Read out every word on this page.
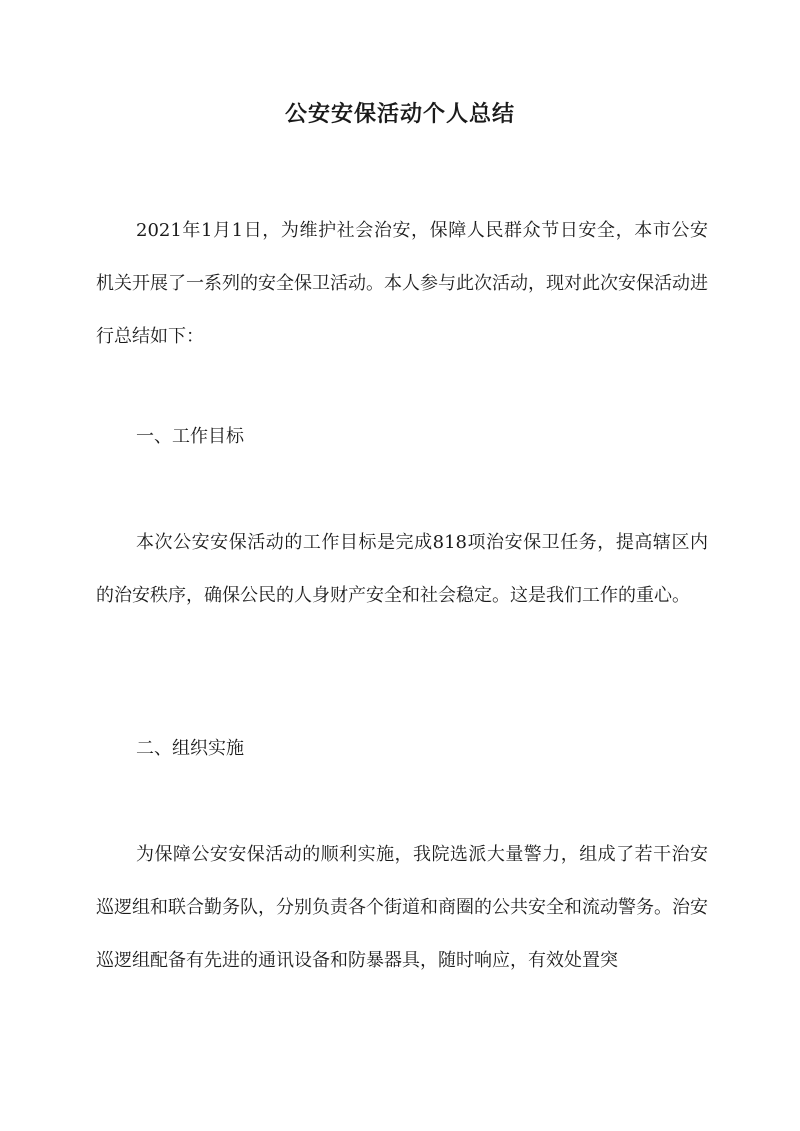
公安安保活动个人总结

2021年1月1日，为维护社会治安，保障人民群众节日安全，本市公安机关开展了一系列的安全保卫活动。本人参与此次活动，现对此次安保活动进行总结如下：

一、工作目标

本次公安安保活动的工作目标是完成818项治安保卫任务，提高辖区内的治安秩序，确保公民的人身财产安全和社会稳定。这是我们工作的重心。

二、组织实施

为保障公安安保活动的顺利实施，我院选派大量警力，组成了若干治安巡逻组和联合勤务队，分别负责各个街道和商圈的公共安全和流动警务。治安巡逻组配备有先进的通讯设备和防暴器具，随时响应，有效处置突
